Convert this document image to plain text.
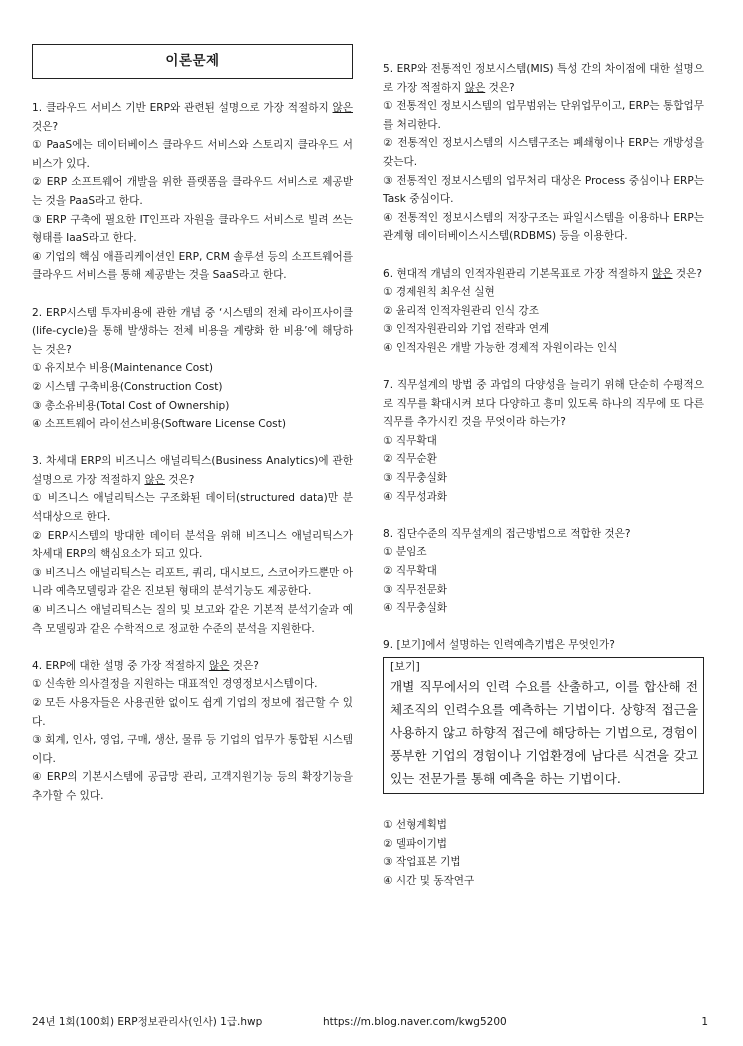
이론문제

1. 클라우드 서비스 기반 ERP와 관련된 설명으로 가장 적절하지 않은 것은?

① PaaS에는 데이터베이스 클라우드 서비스와 스토리지 클라우드 서비스가 있다.

② ERP 소프트웨어 개발을 위한 플랫폼을 클라우드 서비스로 제공받는 것을 PaaS라고 한다.

③ ERP 구축에 필요한 IT인프라 자원을 클라우드 서비스로 빌려 쓰는 형태를 IaaS라고 한다.

④ 기업의 핵심 애플리케이션인 ERP, CRM 솔루션 등의 소프트웨어를 클라우드 서비스를 통해 제공받는 것을 SaaS라고 한다.

2. ERP시스템 투자비용에 관한 개념 중 ‘시스템의 전체 라이프사이클(life-cycle)을 통해 발생하는 전체 비용을 계량화 한 비용’에 해당하는 것은?

① 유지보수 비용(Maintenance Cost)

② 시스템 구축비용(Construction Cost)

③ 총소유비용(Total Cost of Ownership)

④ 소프트웨어 라이선스비용(Software License Cost)

3. 차세대 ERP의 비즈니스 애널리틱스(Business Analytics)에 관한 설명으로 가장 적절하지 않은 것은?

① 비즈니스 애널리틱스는 구조화된 데이터(structured data)만 분석대상으로 한다.

② ERP시스템의 방대한 데이터 분석을 위해 비즈니스 애널리틱스가 차세대 ERP의 핵심요소가 되고 있다.

③ 비즈니스 애널리틱스는 리포트, 쿼리, 대시보드, 스코어카드뿐만 아니라 예측모델링과 같은 진보된 형태의 분석기능도 제공한다.

④ 비즈니스 애널리틱스는 질의 및 보고와 같은 기본적 분석기술과 예측 모델링과 같은 수학적으로 정교한 수준의 분석을 지원한다.

4. ERP에 대한 설명 중 가장 적절하지 않은 것은?

① 신속한 의사결정을 지원하는 대표적인 경영정보시스템이다.

② 모든 사용자들은 사용권한 없이도 쉽게 기업의 정보에 접근할 수 있다.

③ 회계, 인사, 영업, 구매, 생산, 물류 등 기업의 업무가 통합된 시스템이다.

④ ERP의 기본시스템에 공급망 관리, 고객지원기능 등의 확장기능을 추가할 수 있다.

5. ERP와 전통적인 정보시스템(MIS) 특성 간의 차이점에 대한 설명으로 가장 적절하지 않은 것은?

① 전통적인 정보시스템의 업무범위는 단위업무이고, ERP는 통합업무를 처리한다.

② 전통적인 정보시스템의 시스템구조는 폐쇄형이나 ERP는 개방성을 갖는다.

③ 전통적인 정보시스템의 업무처리 대상은 Process 중심이나 ERP는 Task 중심이다.

④ 전통적인 정보시스템의 저장구조는 파일시스템을 이용하나 ERP는 관계형 데이터베이스시스템(RDBMS) 등을 이용한다.

6. 현대적 개념의 인적자원관리 기본목표로 가장 적절하지 않은 것은?

① 경제원칙 최우선 실현

② 윤리적 인적자원관리 인식 강조

③ 인적자원관리와 기업 전략과 연계

④ 인적자원은 개발 가능한 경제적 자원이라는 인식

7. 직무설계의 방법 중 과업의 다양성을 늘리기 위해 단순히 수평적으로 직무를 확대시켜 보다 다양하고 흥미 있도록 하나의 직무에 또 다른 직무를 추가시킨 것을 무엇이라 하는가?

① 직무확대

② 직무순환

③ 직무충실화

④ 직무성과화

8. 집단수준의 직무설계의 접근방법으로 적합한 것은?

① 분임조

② 직무확대

③ 직무전문화

④ 직무충실화

9. [보기]에서 설명하는 인력예측기법은 무엇인가?

[보기]
개별 직무에서의 인력 수요를 산출하고, 이를 합산해 전체조직의 인력수요를 예측하는 기법이다. 상향적 접근을 사용하지 않고 하향적 접근에 해당하는 기법으로, 경험이 풍부한 기업의 경험이나 기업환경에 남다른 식견을 갖고 있는 전문가를 통해 예측을 하는 기법이다.

① 선형계획법

② 델파이기법

③ 작업표본 기법

④ 시간 및 동작연구

24년 1회(100회) ERP정보관리사(인사) 1급.hwp	https://m.blog.naver.com/kwg5200	1
